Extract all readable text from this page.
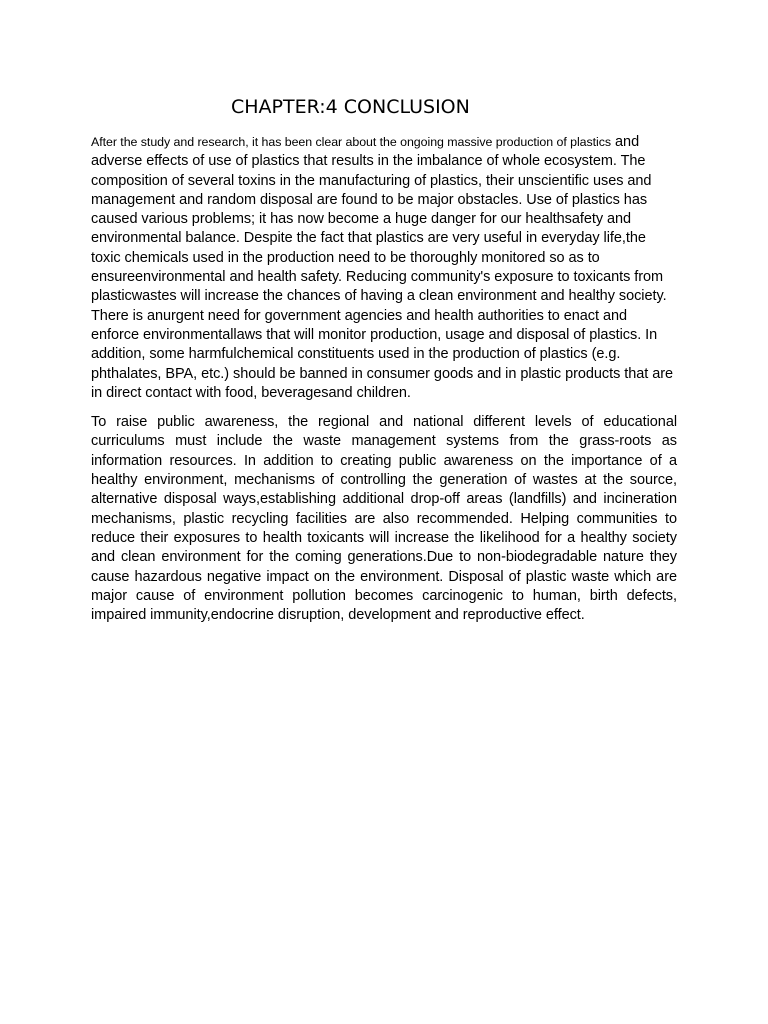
CHAPTER:4 CONCLUSION

After the study and research, it has been clear about the ongoing massive production of plastics and adverse effects of use of plastics that results in the imbalance of whole ecosystem. The composition of several toxins in the manufacturing of plastics, their unscientific uses and management and random disposal are found to be major obstacles. Use of plastics has caused various problems; it has now become a huge danger for our healthsafety and environmental balance. Despite the fact that plastics are very useful in everyday life,the toxic chemicals used in the production need to be thoroughly monitored so as to ensureenvironmental and health safety. Reducing community's exposure to toxicants from plasticwastes will increase the chances of having a clean environment and healthy society. There is anurgent need for government agencies and health authorities to enact and enforce environmentallaws that will monitor production, usage and disposal of plastics. In addition, some harmfulchemical constituents used in the production of plastics (e.g. phthalates, BPA, etc.) should be banned in consumer goods and in plastic products that are in direct contact with food, beveragesand children.

To raise public awareness, the regional and national different levels of educational curriculums must include the waste management systems from the grass-roots as information resources. In addition to creating public awareness on the importance of a healthy environment, mechanisms of controlling the generation of wastes at the source, alternative disposal ways,establishing additional drop-off areas (landfills) and incineration mechanisms, plastic recycling facilities are also recommended. Helping communities to reduce their exposures to health toxicants will increase the likelihood for a healthy society and clean environment for the coming generations.Due to non-biodegradable nature they cause hazardous negative impact on the environment. Disposal of plastic waste which are major cause of environment pollution becomes carcinogenic to human, birth defects, impaired immunity,endocrine disruption, development and reproductive effect.
